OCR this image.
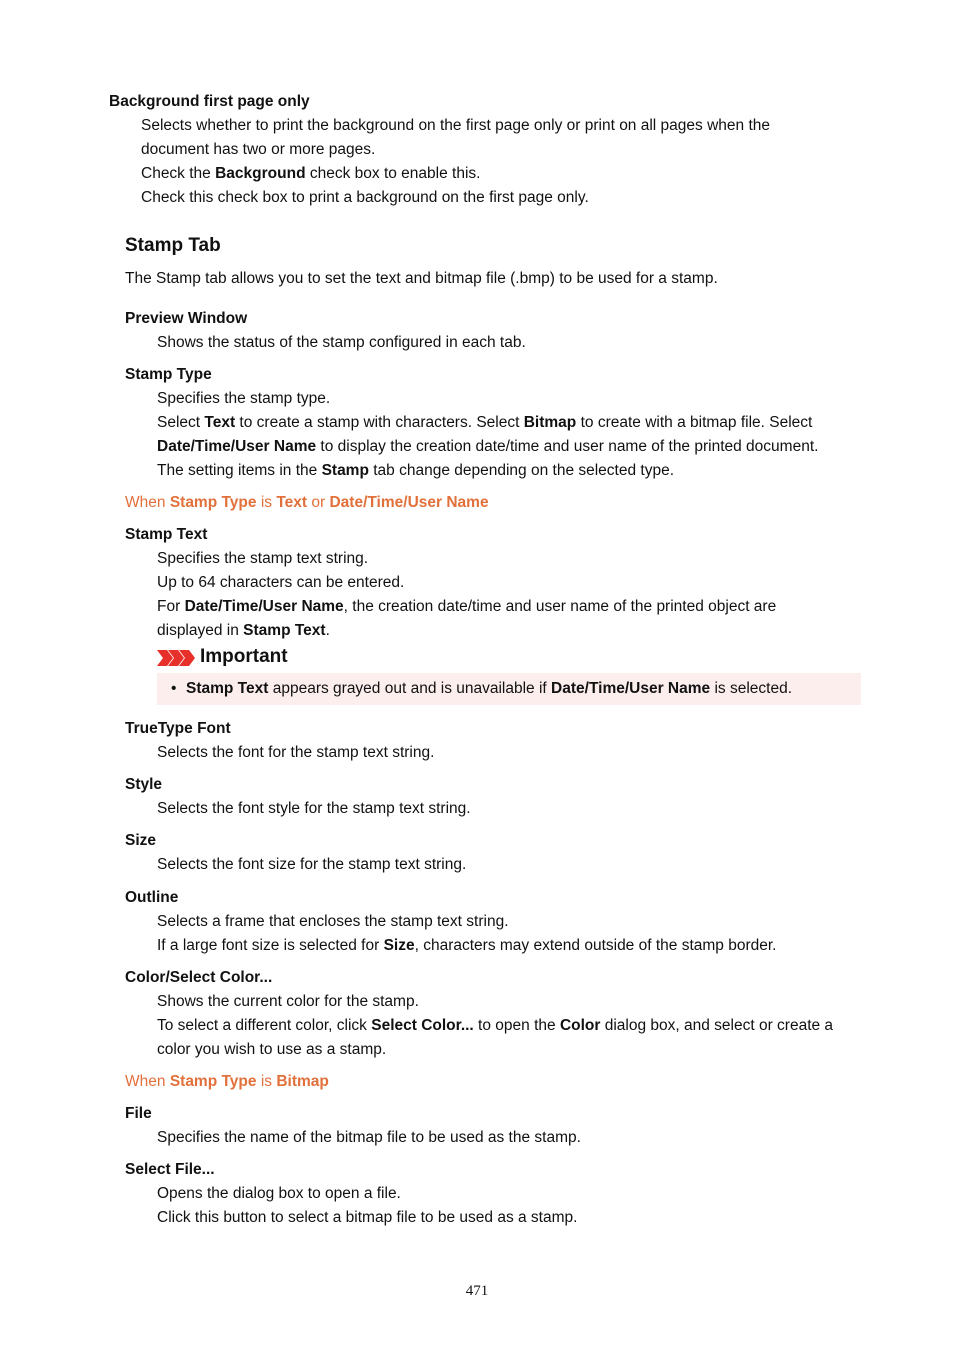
Background first page only
Selects whether to print the background on the first page only or print on all pages when the
document has two or more pages.
Check the Background check box to enable this.
Check this check box to print a background on the first page only.
Stamp Tab
The Stamp tab allows you to set the text and bitmap file (.bmp) to be used for a stamp.
Preview Window
Shows the status of the stamp configured in each tab.
Stamp Type
Specifies the stamp type.
Select Text to create a stamp with characters. Select Bitmap to create with a bitmap file. Select
Date/Time/User Name to display the creation date/time and user name of the printed document.
The setting items in the Stamp tab change depending on the selected type.
When Stamp Type is Text or Date/Time/User Name
Stamp Text
Specifies the stamp text string.
Up to 64 characters can be entered.
For Date/Time/User Name, the creation date/time and user name of the printed object are
displayed in Stamp Text.
Important
• Stamp Text appears grayed out and is unavailable if Date/Time/User Name is selected.
TrueType Font
Selects the font for the stamp text string.
Style
Selects the font style for the stamp text string.
Size
Selects the font size for the stamp text string.
Outline
Selects a frame that encloses the stamp text string.
If a large font size is selected for Size, characters may extend outside of the stamp border.
Color/Select Color...
Shows the current color for the stamp.
To select a different color, click Select Color... to open the Color dialog box, and select or create a
color you wish to use as a stamp.
When Stamp Type is Bitmap
File
Specifies the name of the bitmap file to be used as the stamp.
Select File...
Opens the dialog box to open a file.
Click this button to select a bitmap file to be used as a stamp.
471
